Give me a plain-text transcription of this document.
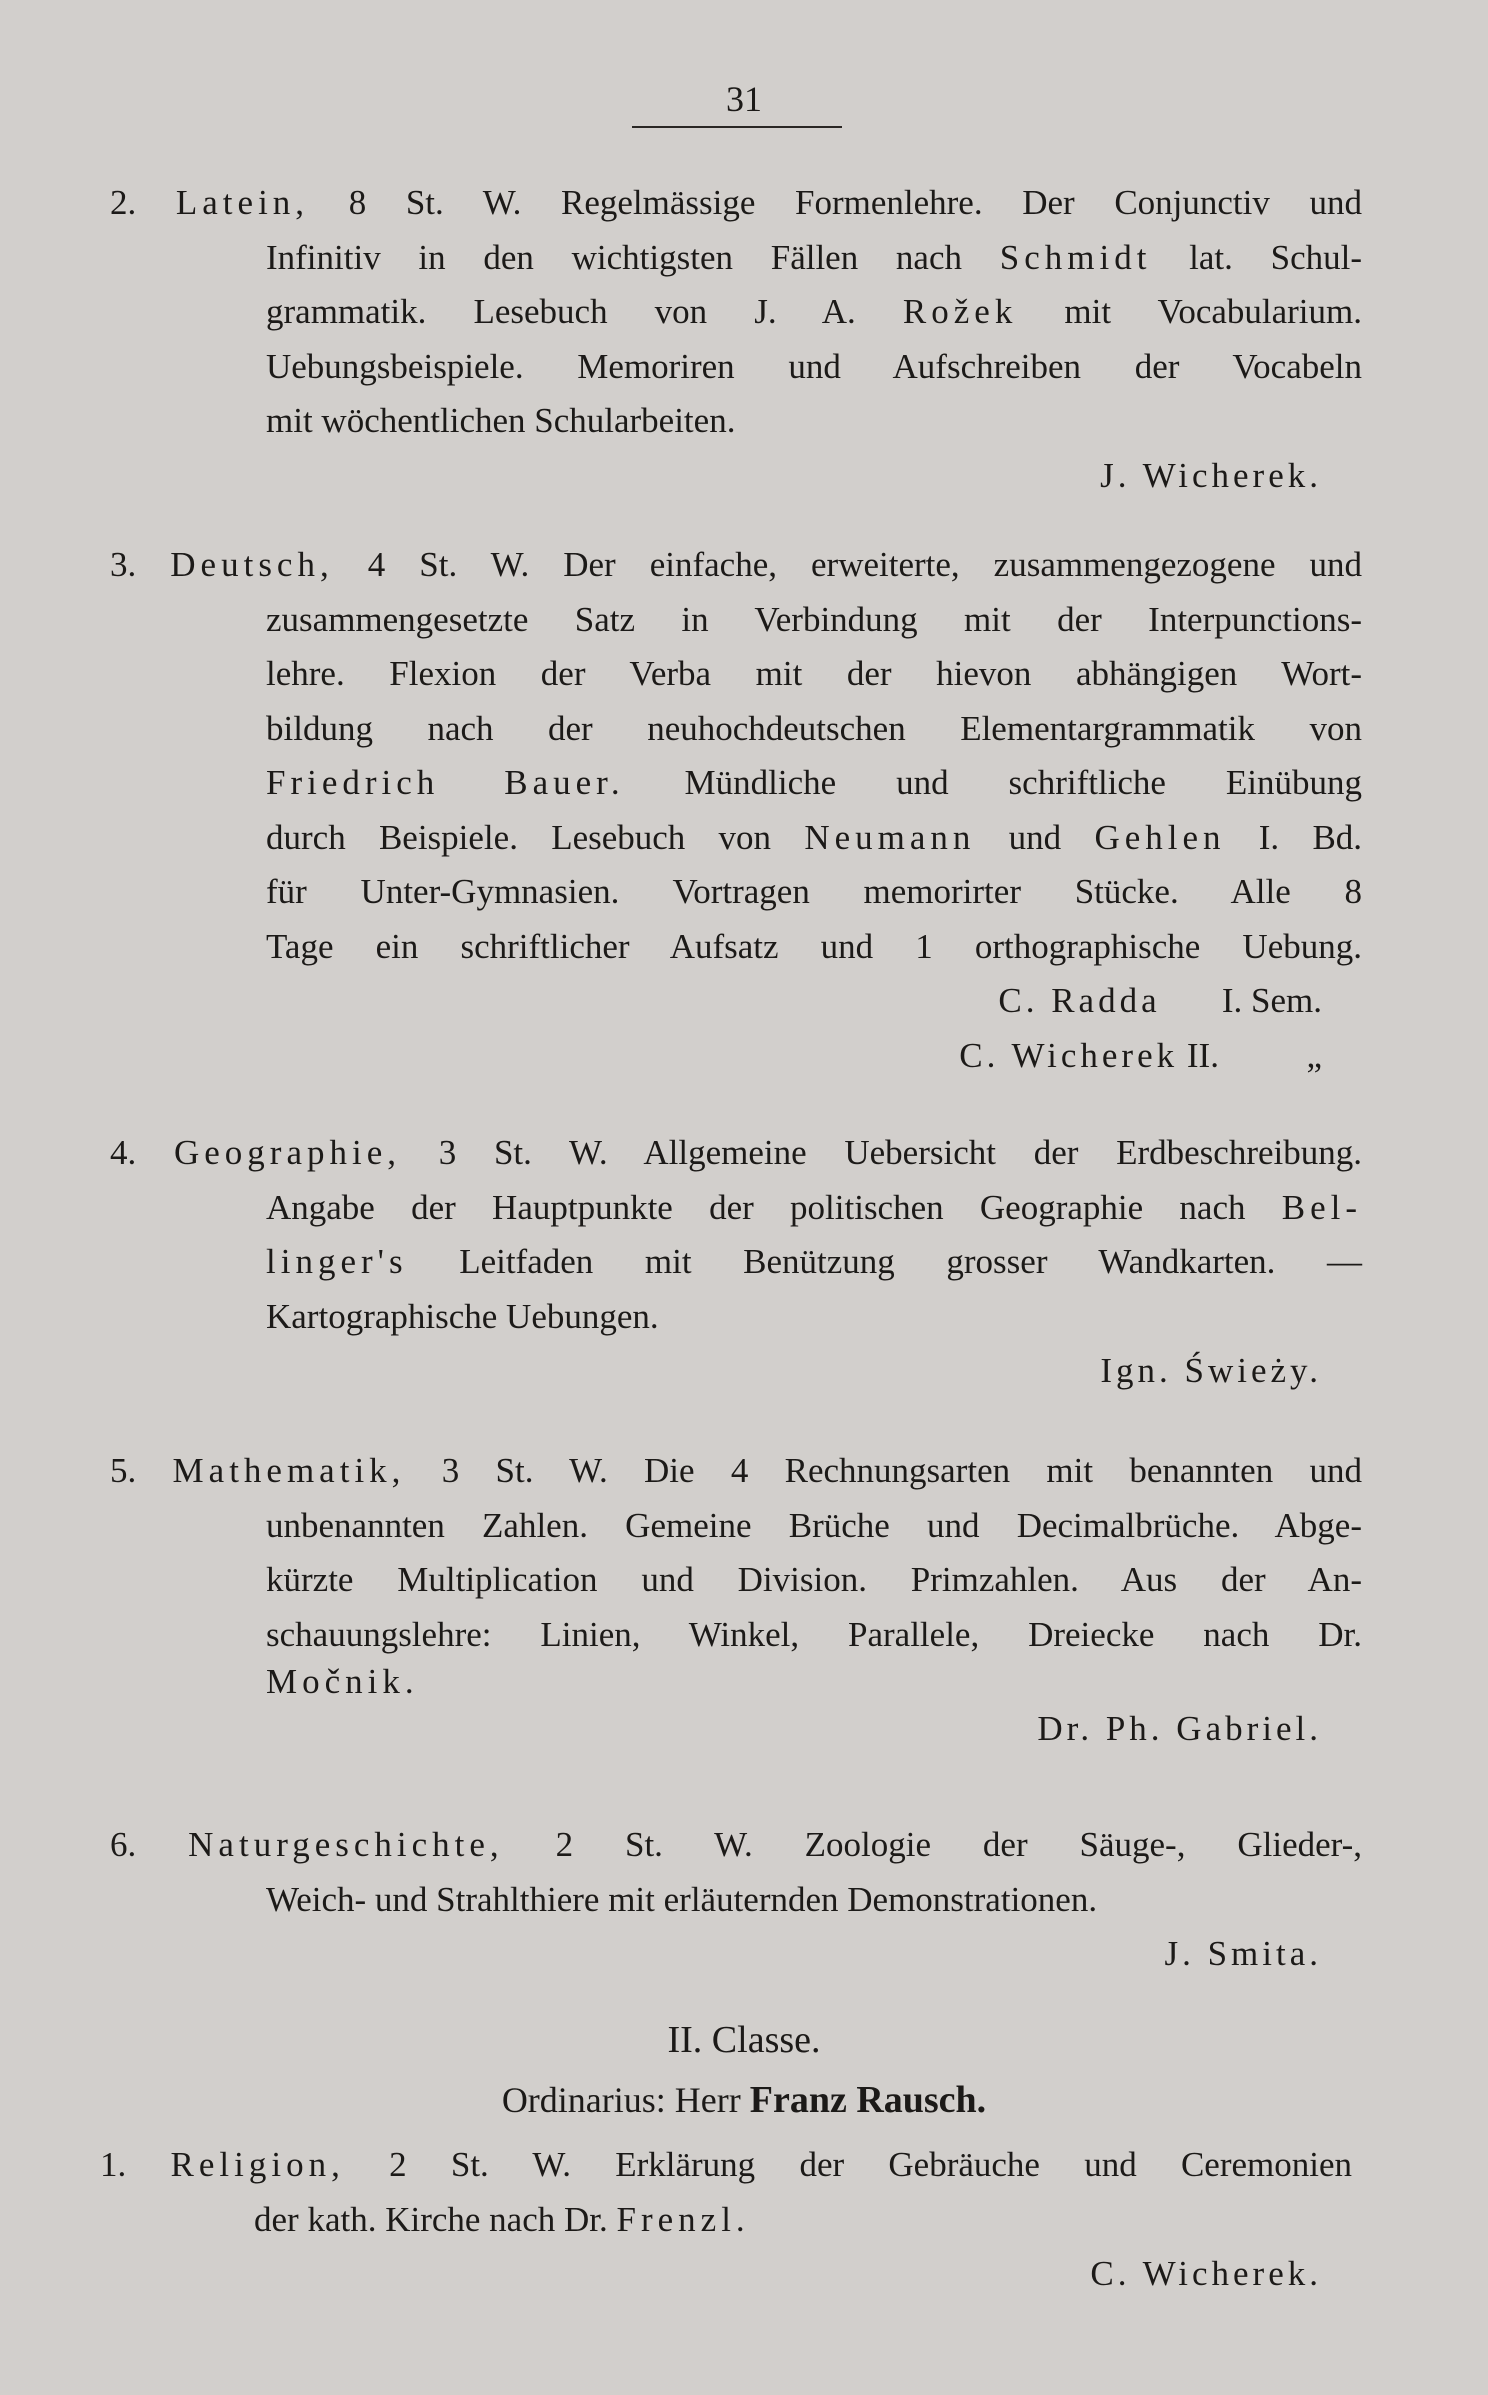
31
2. Latein, 8 St. W. Regelmässige Formenlehre. Der Conjunctiv und
Infinitiv in den wichtigsten Fällen nach Schmidt lat. Schul-
grammatik. Lesebuch von J. A. Rožek mit Vocabularium.
Uebungsbeispiele. Memoriren und Aufschreiben der Vocabeln
mit wöchentlichen Schularbeiten.
J. Wicherek.
3. Deutsch, 4 St. W. Der einfache, erweiterte, zusammengezogene und
zusammengesetzte Satz in Verbindung mit der Interpunctions-
lehre. Flexion der Verba mit der hievon abhängigen Wort-
bildung nach der neuhochdeutschen Elementargrammatik von
Friedrich Bauer. Mündliche und schriftliche Einübung
durch Beispiele. Lesebuch von Neumann und Gehlen I. Bd.
für Unter-Gymnasien. Vortragen memorirter Stücke. Alle 8
Tage ein schriftlicher Aufsatz und 1 orthographische Uebung.
C. Radda I. Sem.
C. Wicherek II.	„
4. Geographie, 3 St. W. Allgemeine Uebersicht der Erdbeschreibung.
Angabe der Hauptpunkte der politischen Geographie nach Bel-
linger's Leitfaden mit Benützung grosser Wandkarten. —
Kartographische Uebungen.
Ign. Świeży.
5. Mathematik, 3 St. W. Die 4 Rechnungsarten mit benannten und
unbenannten Zahlen. Gemeine Brüche und Decimalbrüche. Abge-
kürzte Multiplication und Division. Primzahlen. Aus der An-
schauungslehre: Linien, Winkel, Parallele, Dreiecke nach Dr.
Močnik.
Dr. Ph. Gabriel.
6. Naturgeschichte, 2 St. W. Zoologie der Säuge-, Glieder-,
Weich- und Strahlthiere mit erläuternden Demonstrationen.
J. Smita.
II. Classe.
Ordinarius: Herr Franz Rausch.
1. Religion, 2 St. W. Erklärung der Gebräuche und Ceremonien
der kath. Kirche nach Dr. Frenzl.
C. Wicherek.
